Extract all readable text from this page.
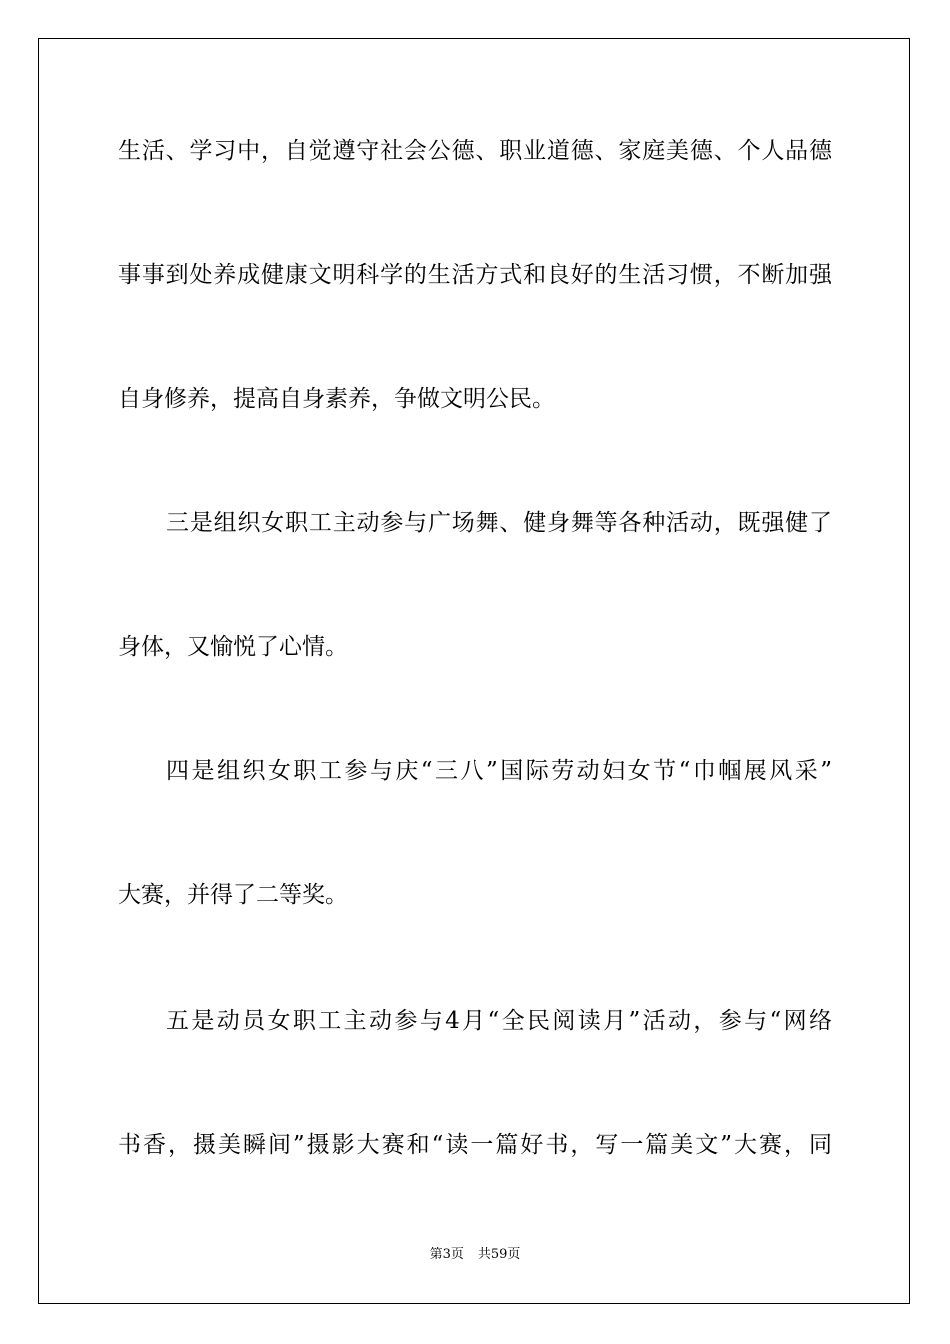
生活、学习中，自觉遵守社会公德、职业道德、家庭美德、个人品德

事事到处养成健康文明科学的生活方式和良好的生活习惯，不断加强

自身修养，提高自身素养，争做文明公民。

三是组织女职工主动参与广场舞、健身舞等各种活动，既强健了

身体，又愉悦了心情。

四是组织女职工参与庆“三八”国际劳动妇女节“巾帼展风采”

大赛，并得了二等奖。

五是动员女职工主动参与4月“全民阅读月”活动，参与“网络

书香，摄美瞬间”摄影大赛和“读一篇好书，写一篇美文”大赛，同

第3页 共59页
